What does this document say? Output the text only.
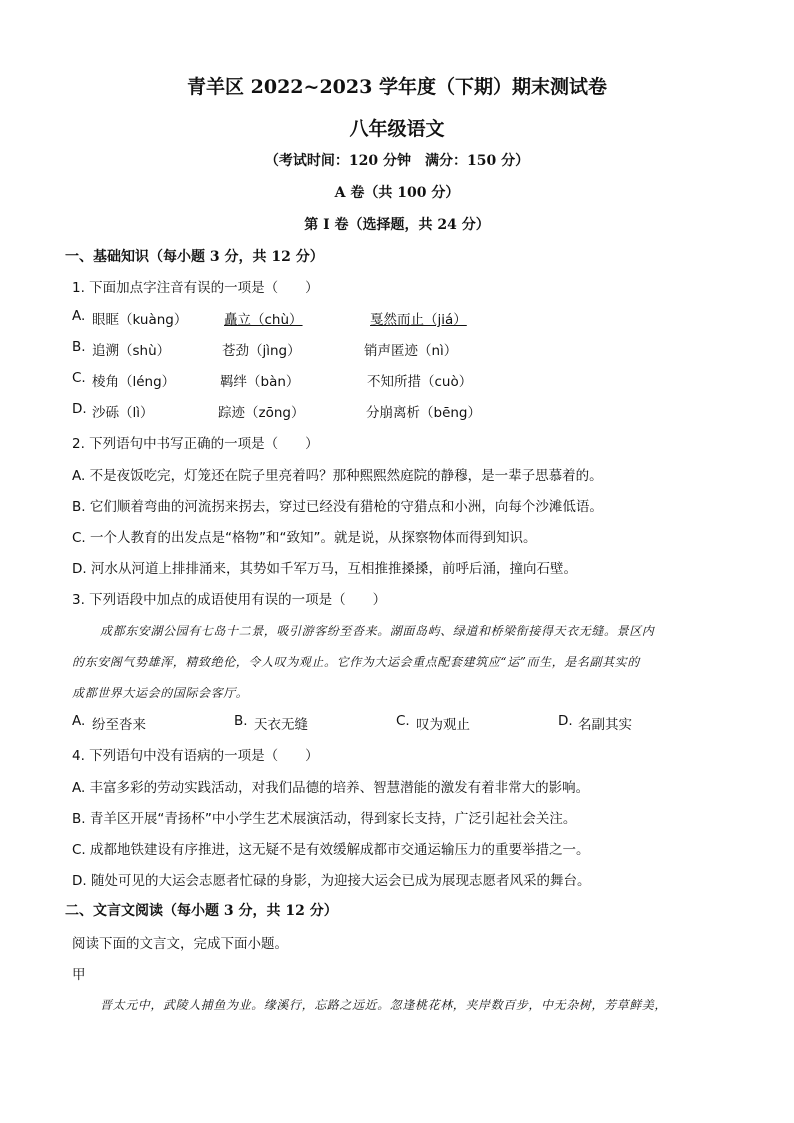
青羊区 2022~2023 学年度（下期）期末测试卷
八年级语文
（考试时间：120 分钟　满分：150 分）
A 卷（共 100 分）
第 I 卷（选择题，共 24 分）
一、基础知识（每小题 3 分，共 12 分）
1. 下面加点字注音有误的一项是（　　）
A. 眼眶（kuàng）	矗立（chù）	戛然而止（jiá）
B. 追溯（shù）	苍劲（jìng）	销声匿迹（nì）
C. 棱角（léng）	羁绊（bàn）	不知所措（cuò）
D. 沙砾（lì）	踪迹（zōng）	分崩离析（bēng）
2. 下列语句中书写正确的一项是（　　）
A. 不是夜饭吃完，灯笼还在院子里亮着吗？那种熙熙然庭院的静穆，是一辈子思慕着的。
B. 它们顺着弯曲的河流拐来拐去，穿过已经没有猎枪的守猎点和小洲，向每个沙滩低语。
C. 一个人教育的出发点是“格物”和“致知”。就是说，从探察物体而得到知识。
D. 河水从河道上排排涌来，其势如千军万马，互相推推搡搡，前呼后涌，撞向石壁。
3. 下列语段中加点的成语使用有误的一项是（　　）
成都东安湖公园有七岛十二景，吸引游客纷至沓来。湖面岛屿、绿道和桥梁衔接得天衣无缝。景区内
的东安阁气势雄浑，精致绝伦，令人叹为观止。它作为大运会重点配套建筑应“运”而生，是名副其实的
成都世界大运会的国际会客厅。
A. 纷至沓来	B. 天衣无缝	C. 叹为观止	D. 名副其实
4. 下列语句中没有语病的一项是（　　）
A. 丰富多彩的劳动实践活动，对我们品德的培养、智慧潜能的激发有着非常大的影响。
B. 青羊区开展“青扬杯”中小学生艺术展演活动，得到家长支持，广泛引起社会关注。
C. 成都地铁建设有序推进，这无疑不是有效缓解成都市交通运输压力的重要举措之一。
D. 随处可见的大运会志愿者忙碌的身影，为迎接大运会已成为展现志愿者风采的舞台。
二、文言文阅读（每小题 3 分，共 12 分）
阅读下面的文言文，完成下面小题。
甲
晋太元中，武陵人捕鱼为业。缘溪行，忘路之远近。忽逢桃花林，夹岸数百步，中无杂树，芳草鲜美，
